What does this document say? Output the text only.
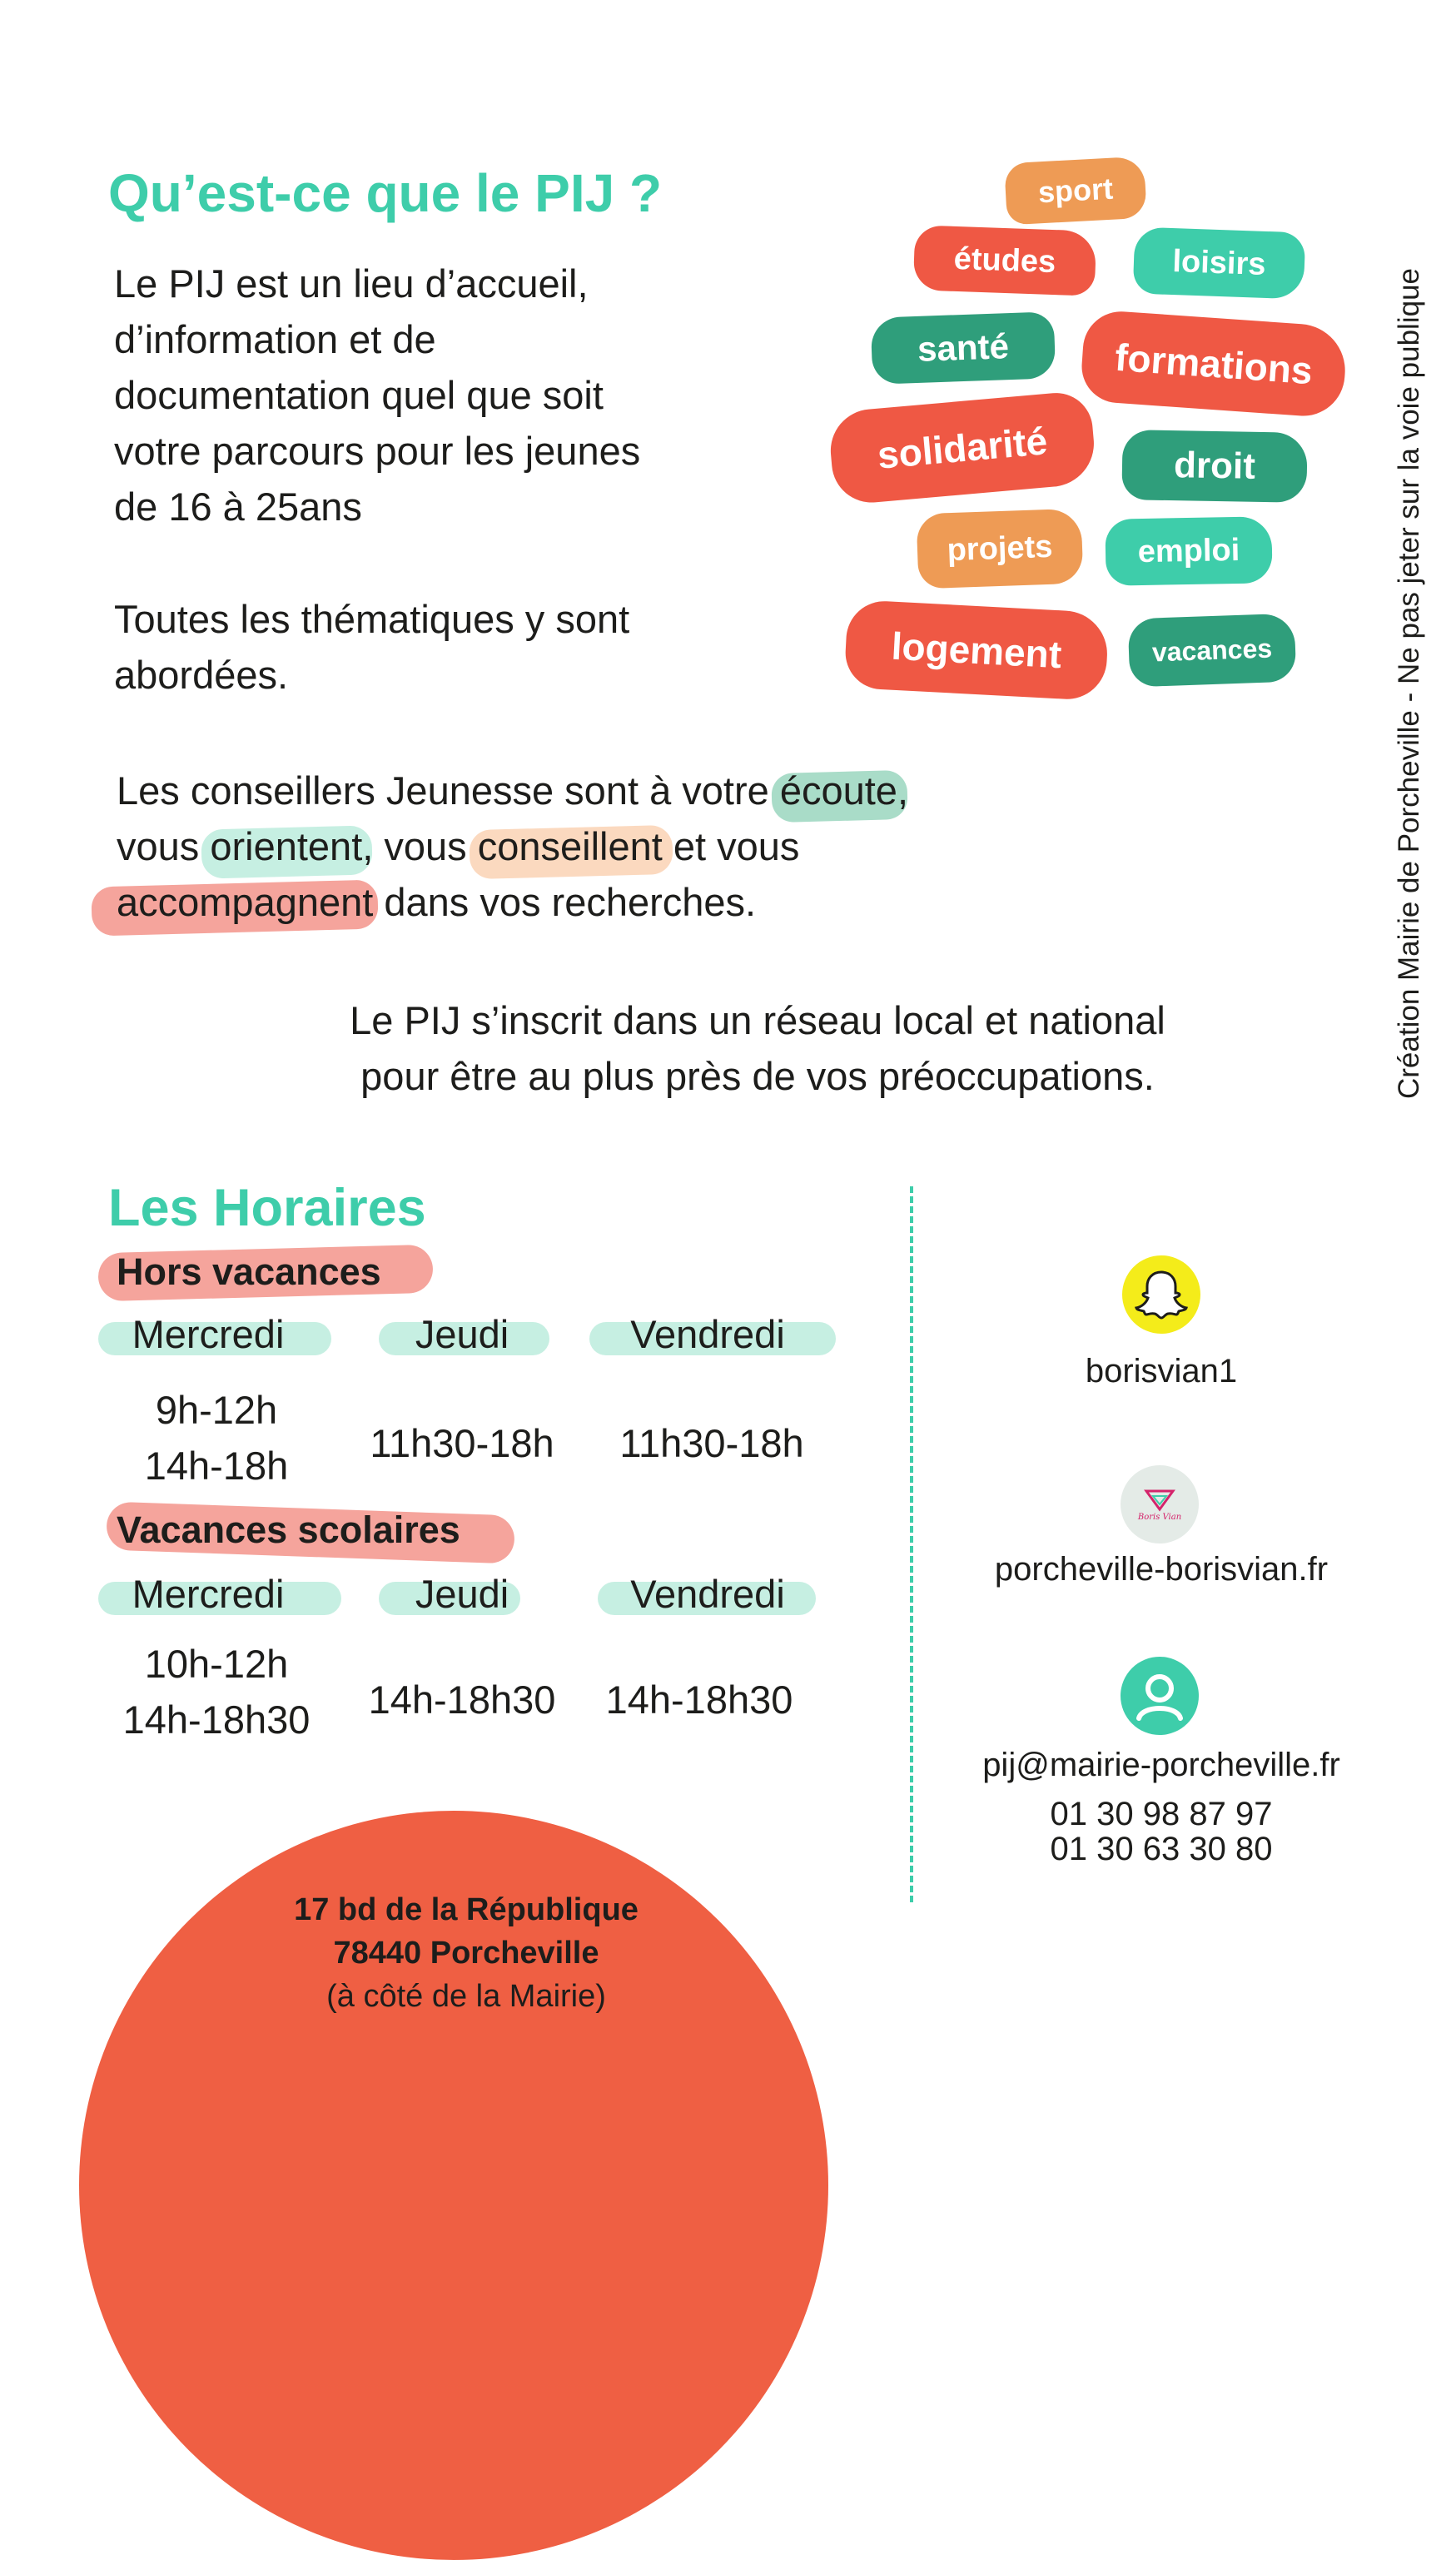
Qu’est-ce que le PIJ ?
Le PIJ est un lieu d’accueil,
d’information et de
documentation quel que soit
votre parcours pour les jeunes
de 16 à 25ans
Toutes les thématiques y sont
abordées.
Les conseillers Jeunesse sont à votre écoute,
vous orientent, vous conseillent et vous
accompagnent dans vos recherches.
Le PIJ s’inscrit dans un réseau local et national
pour être au plus près de vos préoccupations.
sport
études	loisirs
santé	formations
solidarité	droit
projets	emploi
logement	vacances	Création Mairie de Porcheville - Ne pas jeter sur la voie publique
Les Horaires
Hors vacances
Mercredi	Jeudi	Vendredi
9h-12h
14h-18h
11h30-18h	11h30-18h
Vacances scolaires
Mercredi	Jeudi	Vendredi
10h-12h
14h-18h30	14h-18h30	14h-18h30
borisvian1
Boris Vian
porcheville-borisvian.fr
pij@mairie-porcheville.fr
01 30 98 87 97
01 30 63 30 80
17 bd de la République
78440 Porcheville
(à côté de la Mairie)
